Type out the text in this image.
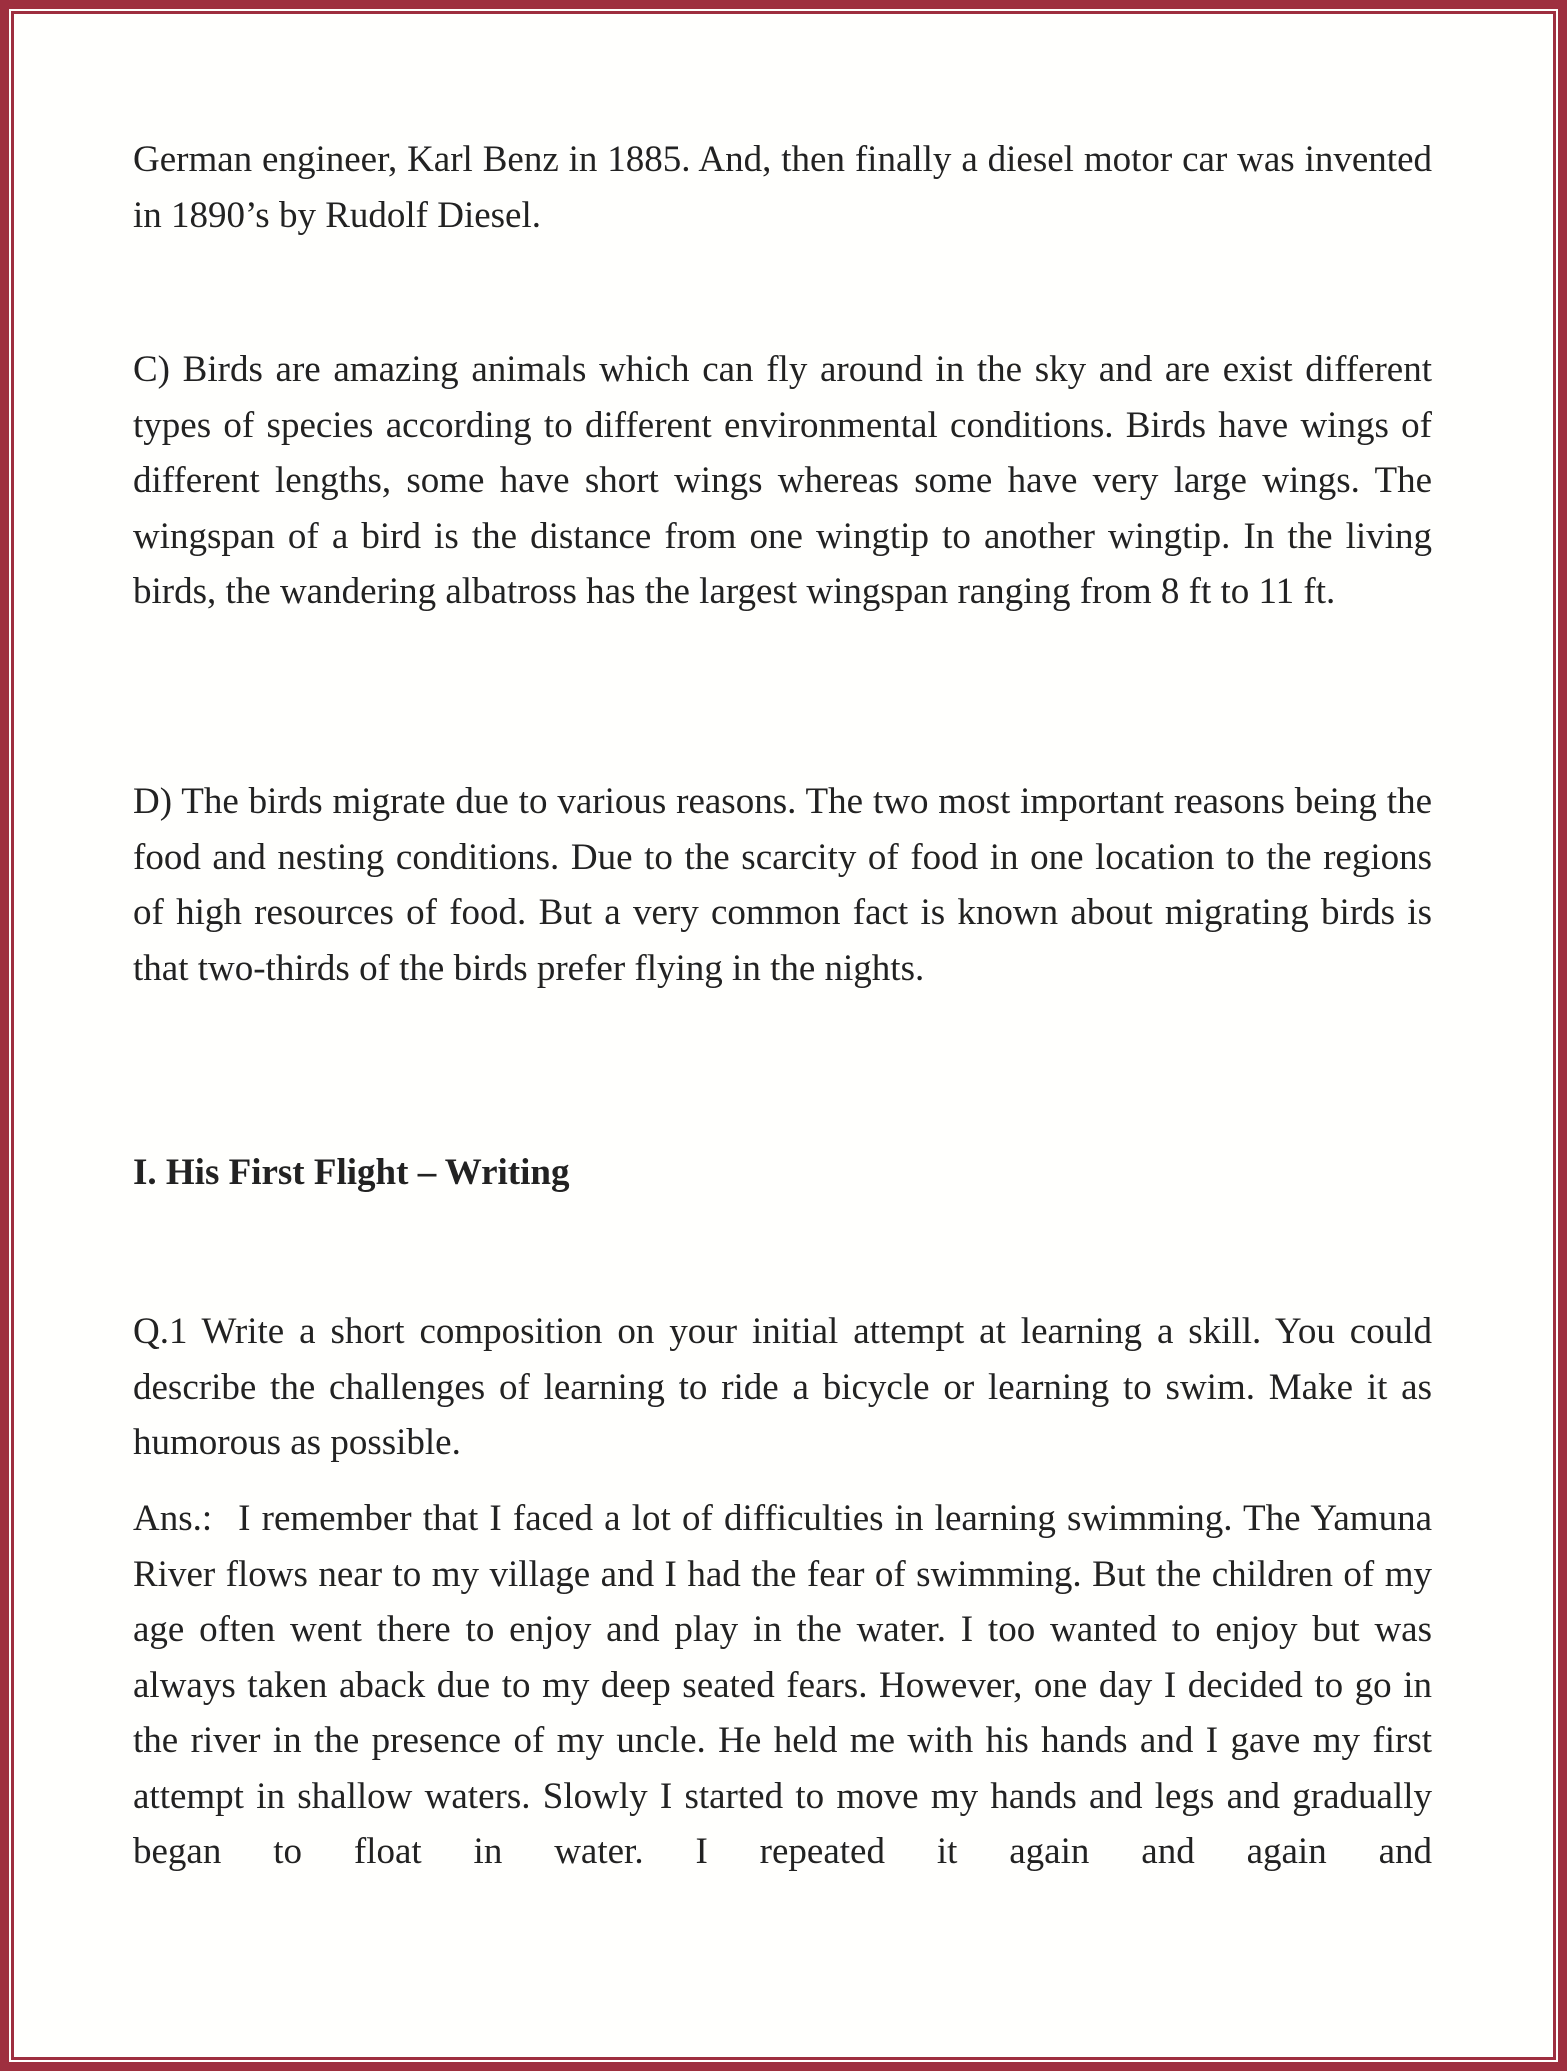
German engineer, Karl Benz in 1885. And, then finally a diesel motor car was invented in 1890’s by Rudolf Diesel.

C) Birds are amazing animals which can fly around in the sky and are exist different types of species according to different environmental conditions. Birds have wings of different lengths, some have short wings whereas some have very large wings. The wingspan of a bird is the distance from one wingtip to another wingtip. In the living birds, the wandering albatross has the largest wingspan ranging from 8 ft to 11 ft.

D) The birds migrate due to various reasons. The two most important reasons being the food and nesting conditions. Due to the scarcity of food in one location to the regions of high resources of food. But a very common fact is known about migrating birds is that two-thirds of the birds prefer flying in the nights.

I. His First Flight – Writing

Q.1 Write a short composition on your initial attempt at learning a skill. You could describe the challenges of learning to ride a bicycle or learning to swim. Make it as humorous as possible.

Ans.: I remember that I faced a lot of difficulties in learning swimming. The Yamuna River flows near to my village and I had the fear of swimming. But the children of my age often went there to enjoy and play in the water. I too wanted to enjoy but was always taken aback due to my deep seated fears. However, one day I decided to go in the river in the presence of my uncle. He held me with his hands and I gave my first attempt in shallow waters. Slowly I started to move my hands and legs and gradually began to float in water. I repeated it again and again and
